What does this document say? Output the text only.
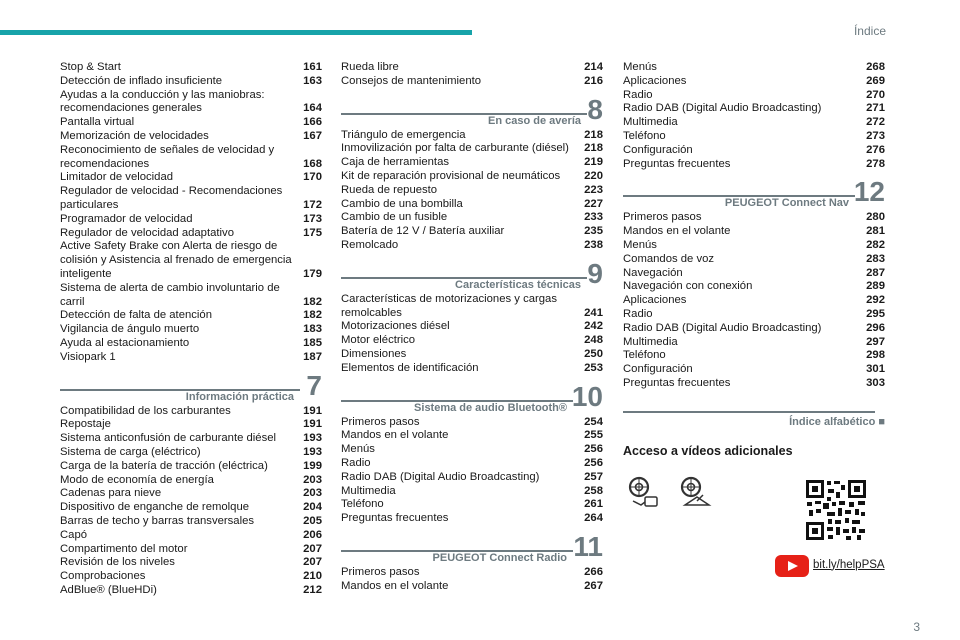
Índice
Stop & Start	161
Detección de inflado insuficiente	163
Ayudas a la conducción y las maniobras: recomendaciones generales	164
Pantalla virtual	166
Memorización de velocidades	167
Reconocimiento de señales de velocidad y recomendaciones	168
Limitador de velocidad	170
Regulador de velocidad - Recomendaciones particulares	172
Programador de velocidad	173
Regulador de velocidad adaptativo	175
Active Safety Brake con Alerta de riesgo de colisión y Asistencia al frenado de emergencia inteligente	179
Sistema de alerta de cambio involuntario de carril	182
Detección de falta de atención	182
Vigilancia de ángulo muerto	183
Ayuda al estacionamiento	185
Visiopark 1	187
Información práctica 7
Compatibilidad de los carburantes	191
Repostaje	191
Sistema anticonfusión de carburante diésel	193
Sistema de carga (eléctrico)	193
Carga de la batería de tracción (eléctrica)	199
Modo de economía de energía	203
Cadenas para nieve	203
Dispositivo de enganche de remolque	204
Barras de techo y barras transversales	205
Capó	206
Compartimento del motor	207
Revisión de los niveles	207
Comprobaciones	210
AdBlue® (BlueHDi)	212
Rueda libre	214
Consejos de mantenimiento	216
En caso de avería 8
Triángulo de emergencia	218
Inmovilización por falta de carburante (diésel)	218
Caja de herramientas	219
Kit de reparación provisional de neumáticos	220
Rueda de repuesto	223
Cambio de una bombilla	227
Cambio de un fusible	233
Batería de 12 V / Batería auxiliar	235
Remolcado	238
Características técnicas 9
Características de motorizaciones y cargas remolcables	241
Motorizaciones diésel	242
Motor eléctrico	248
Dimensiones	250
Elementos de identificación	253
Sistema de audio Bluetooth® 10
Primeros pasos	254
Mandos en el volante	255
Menús	256
Radio	256
Radio DAB (Digital Audio Broadcasting)	257
Multimedia	258
Teléfono	261
Preguntas frecuentes	264
PEUGEOT Connect Radio 11
Primeros pasos	266
Mandos en el volante	267
Menús	268
Aplicaciones	269
Radio	270
Radio DAB (Digital Audio Broadcasting)	271
Multimedia	272
Teléfono	273
Configuración	276
Preguntas frecuentes	278
PEUGEOT Connect Nav 12
Primeros pasos	280
Mandos en el volante	281
Menús	282
Comandos de voz	283
Navegación	287
Navegación con conexión	289
Aplicaciones	292
Radio	295
Radio DAB (Digital Audio Broadcasting)	296
Multimedia	297
Teléfono	298
Configuración	301
Preguntas frecuentes	303
Índice alfabético ■
Acceso a vídeos adicionales
bit.ly/helpPSA
3
